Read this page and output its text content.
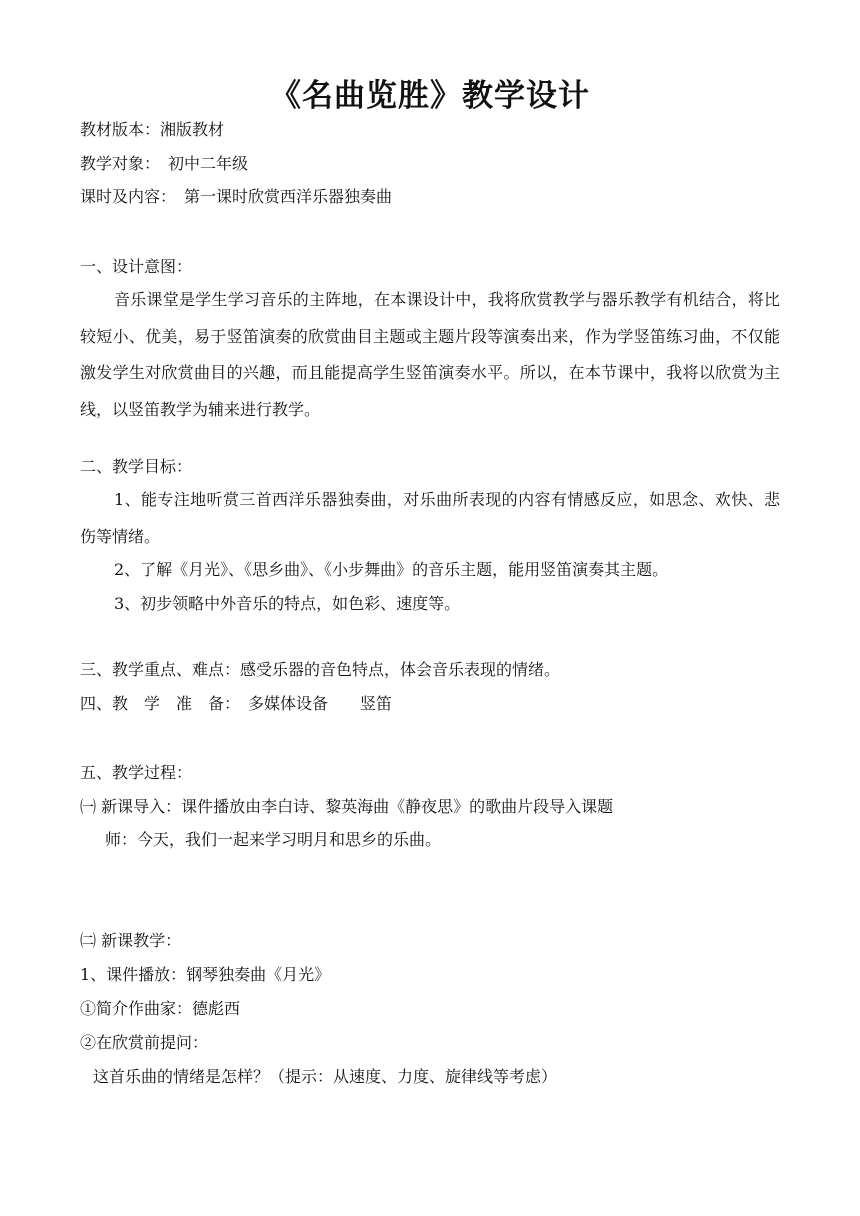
《名曲览胜》教学设计

教材版本：湘版教材

教学对象：　初中二年级

课时及内容：　第一课时欣赏西洋乐器独奏曲

一、设计意图：

音乐课堂是学生学习音乐的主阵地，在本课设计中，我将欣赏教学与器乐教学有机结合，将比较短小、优美，易于竖笛演奏的欣赏曲目主题或主题片段等演奏出来，作为学竖笛练习曲，不仅能激发学生对欣赏曲目的兴趣，而且能提高学生竖笛演奏水平。所以，在本节课中，我将以欣赏为主线，以竖笛教学为辅来进行教学。

二、教学目标：

1、能专注地听赏三首西洋乐器独奏曲，对乐曲所表现的内容有情感反应，如思念、欢快、悲伤等情绪。

2、了解《月光》、《思乡曲》、《小步舞曲》的音乐主题，能用竖笛演奏其主题。

3、初步领略中外音乐的特点，如色彩、速度等。

三、教学重点、难点：感受乐器的音色特点，体会音乐表现的情绪。

四、教　学　准　备：　多媒体设备　　竖笛

五、教学过程：

㈠ 新课导入：课件播放由李白诗、黎英海曲《静夜思》的歌曲片段导入课题

师：今天，我们一起来学习明月和思乡的乐曲。

㈡ 新课教学：

1、课件播放：钢琴独奏曲《月光》

①简介作曲家：德彪西

②在欣赏前提问：

这首乐曲的情绪是怎样？（提示：从速度、力度、旋律线等考虑）
